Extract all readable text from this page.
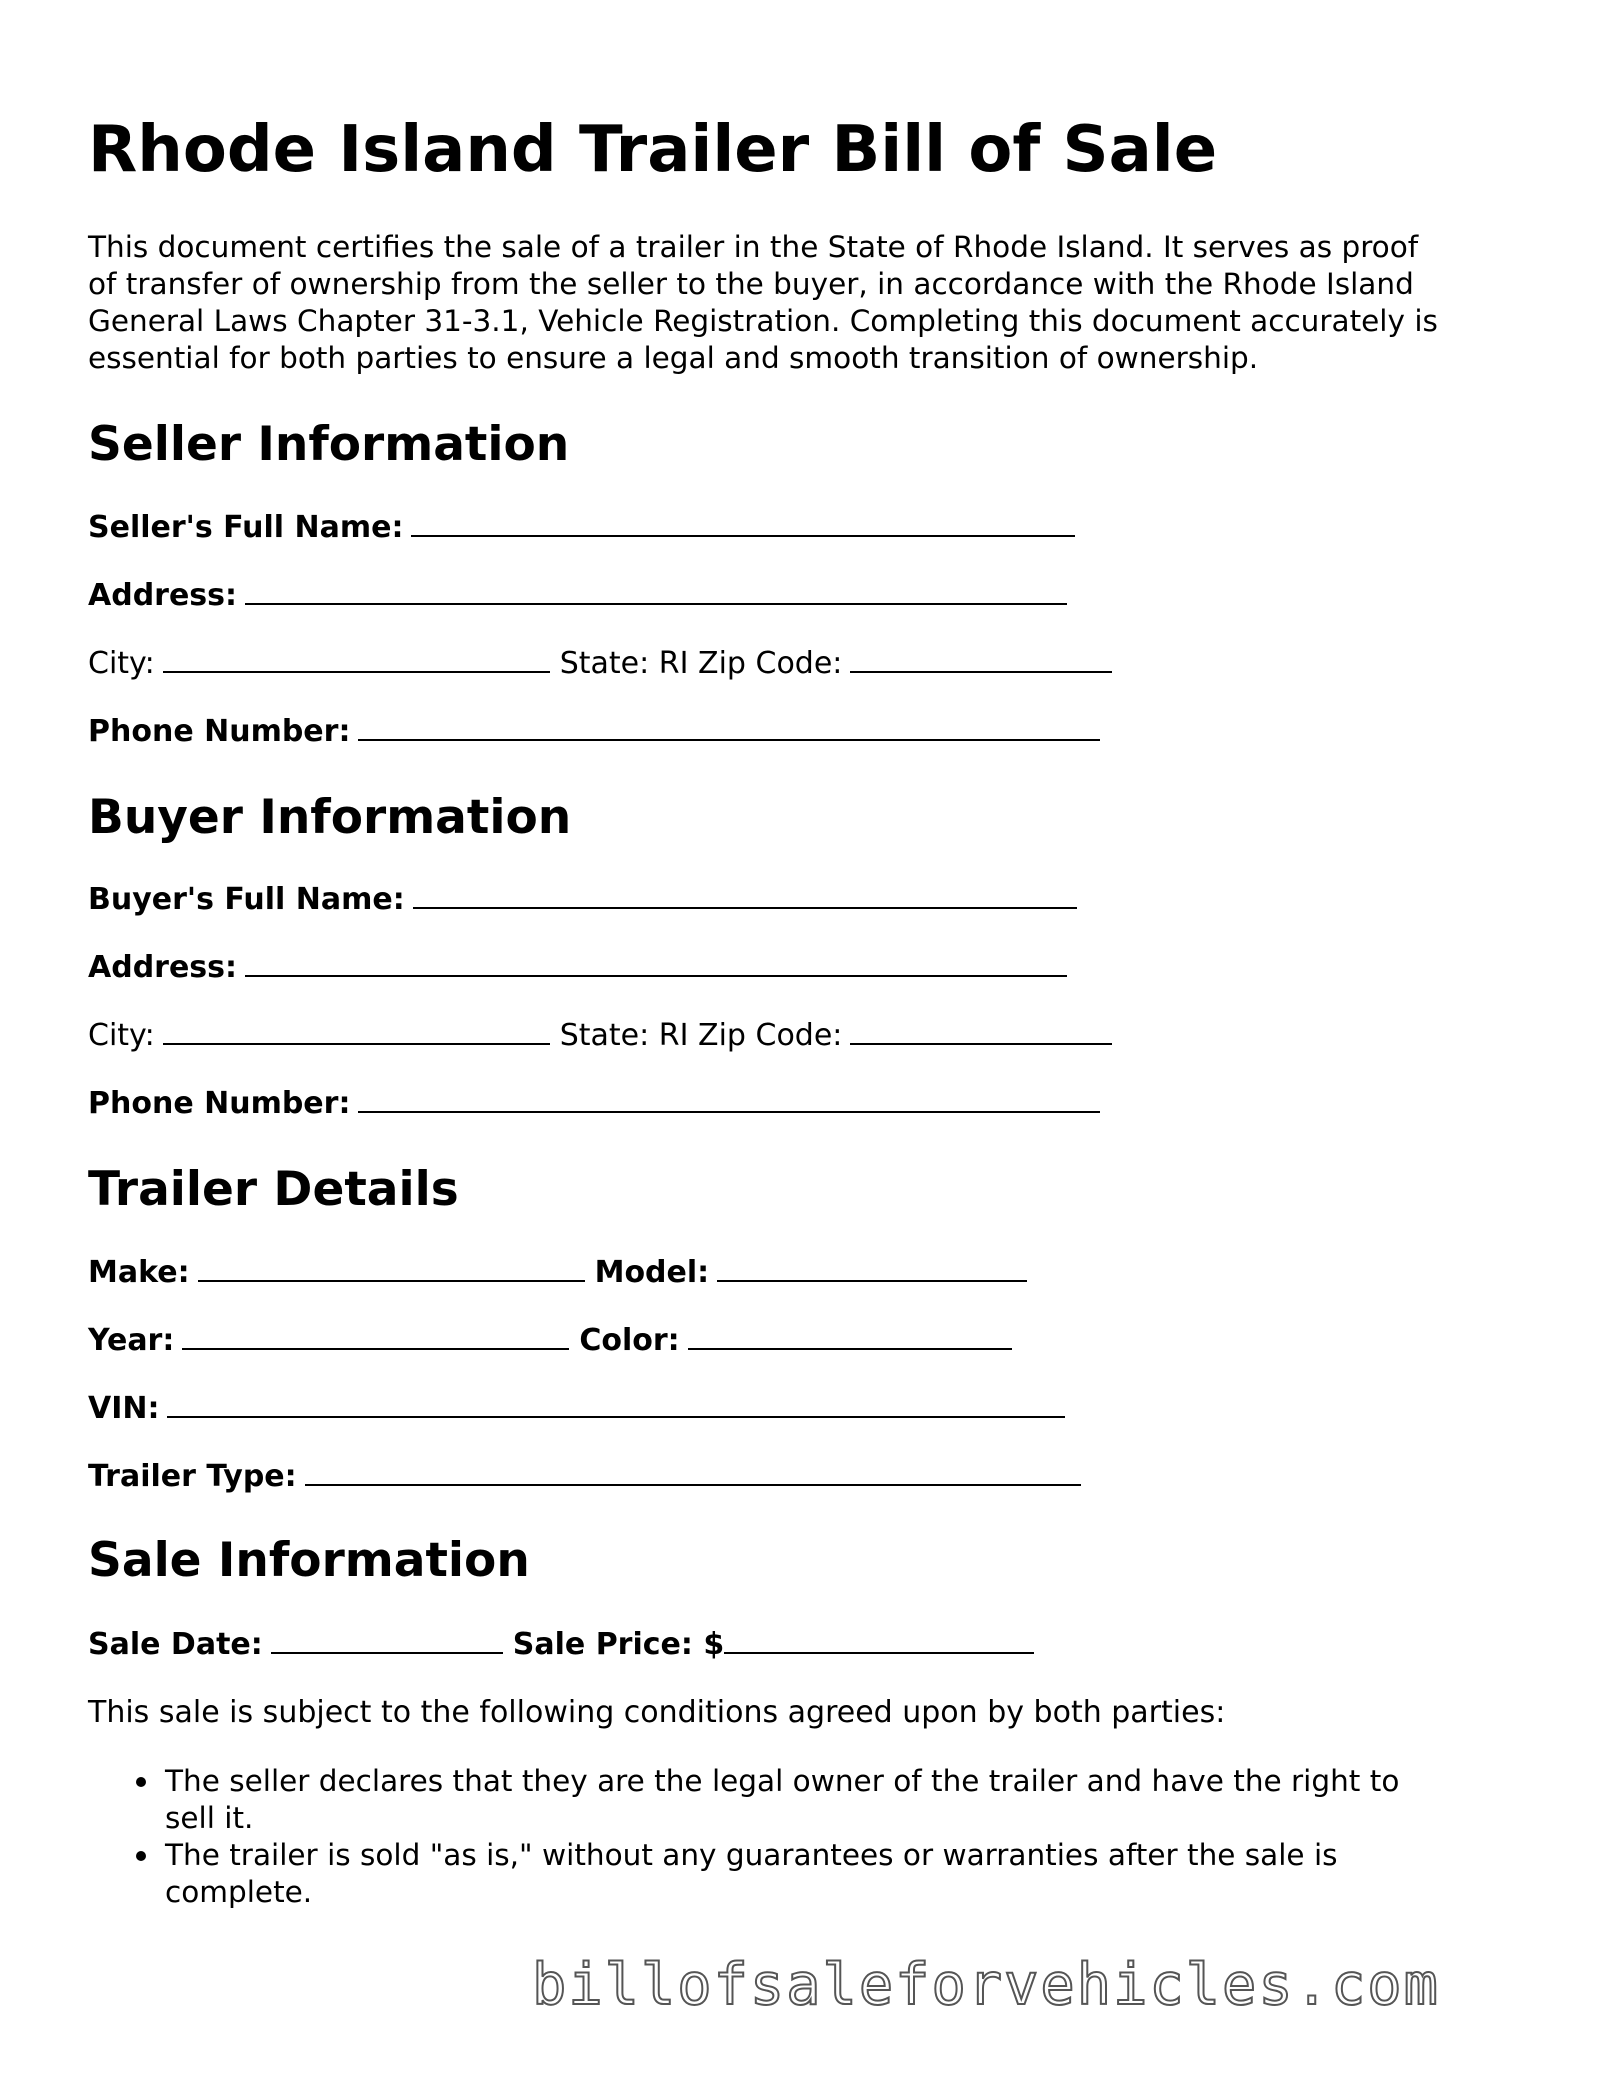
Rhode Island Trailer Bill of Sale

This document certifies the sale of a trailer in the State of Rhode Island. It serves as proof
of transfer of ownership from the seller to the buyer, in accordance with the Rhode Island
General Laws Chapter 31-3.1, Vehicle Registration. Completing this document accurately is
essential for both parties to ensure a legal and smooth transition of ownership.

Seller Information
Seller's Full Name:
Address:
City:	State: RI Zip Code:
Phone Number:
Buyer Information
Buyer's Full Name:
Address:
City:	State: RI Zip Code:
Phone Number:
Trailer Details
Make:	Model:
Year:	Color:
VIN:
Trailer Type:
Sale Information
Sale Date:	Sale Price: $
This sale is subject to the following conditions agreed upon by both parties:
The seller declares that they are the legal owner of the trailer and have the right to
sell it.
The trailer is sold "as is," without any guarantees or warranties after the sale is
complete.
billofsaleforvehicles.com
